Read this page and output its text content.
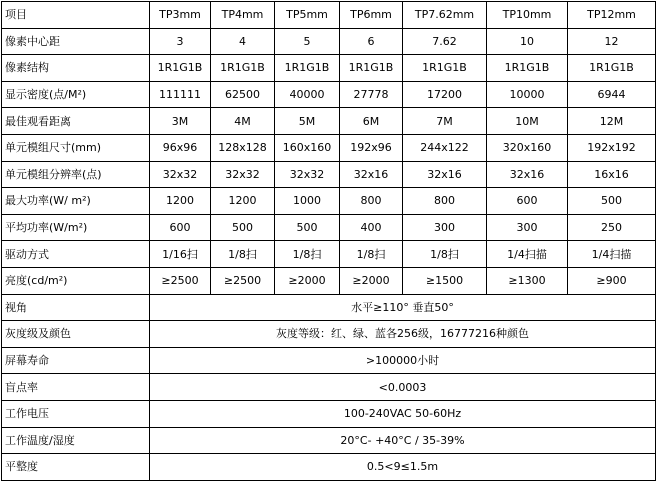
项目	TP3mm	TP4mm	TP5mm	TP6mm	TP7.62mm	TP10mm	TP12mm
像素中心距	3	4	5	6	7.62	10	12
像素结构	1R1G1B	1R1G1B	1R1G1B	1R1G1B	1R1G1B	1R1G1B	1R1G1B
显示密度(点/M²)	111111	62500	40000	27778	17200	10000	6944
最佳观看距离	3M	4M	5M	6M	7M	10M	12M
单元模组尺寸(mm)	96x96	128x128	160x160	192x96	244x122	320x160	192x192
单元模组分辨率(点)	32x32	32x32	32x32	32x16	32x16	32x16	16x16
最大功率(W/ m²)	1200	1200	1000	800	800	600	500
平均功率(W/m²)	600	500	500	400	300	300	250
驱动方式	1/16扫	1/8扫	1/8扫	1/8扫	1/8扫	1/4扫描	1/4扫描
亮度(cd/m²)	≥2500	≥2500	≥2000	≥2000	≥1500	≥1300	≥900
视角	水平≥110° 垂直50°						
灰度级及颜色	灰度等级：红、绿、蓝各256级，16777216种颜色						
屏幕寿命	>100000小时						
盲点率	<0.0003						
工作电压	100-240VAC 50-60Hz						
工作温度/湿度	20°C- +40°C / 35-39%						
平整度	0.5<9≤1.5m						
